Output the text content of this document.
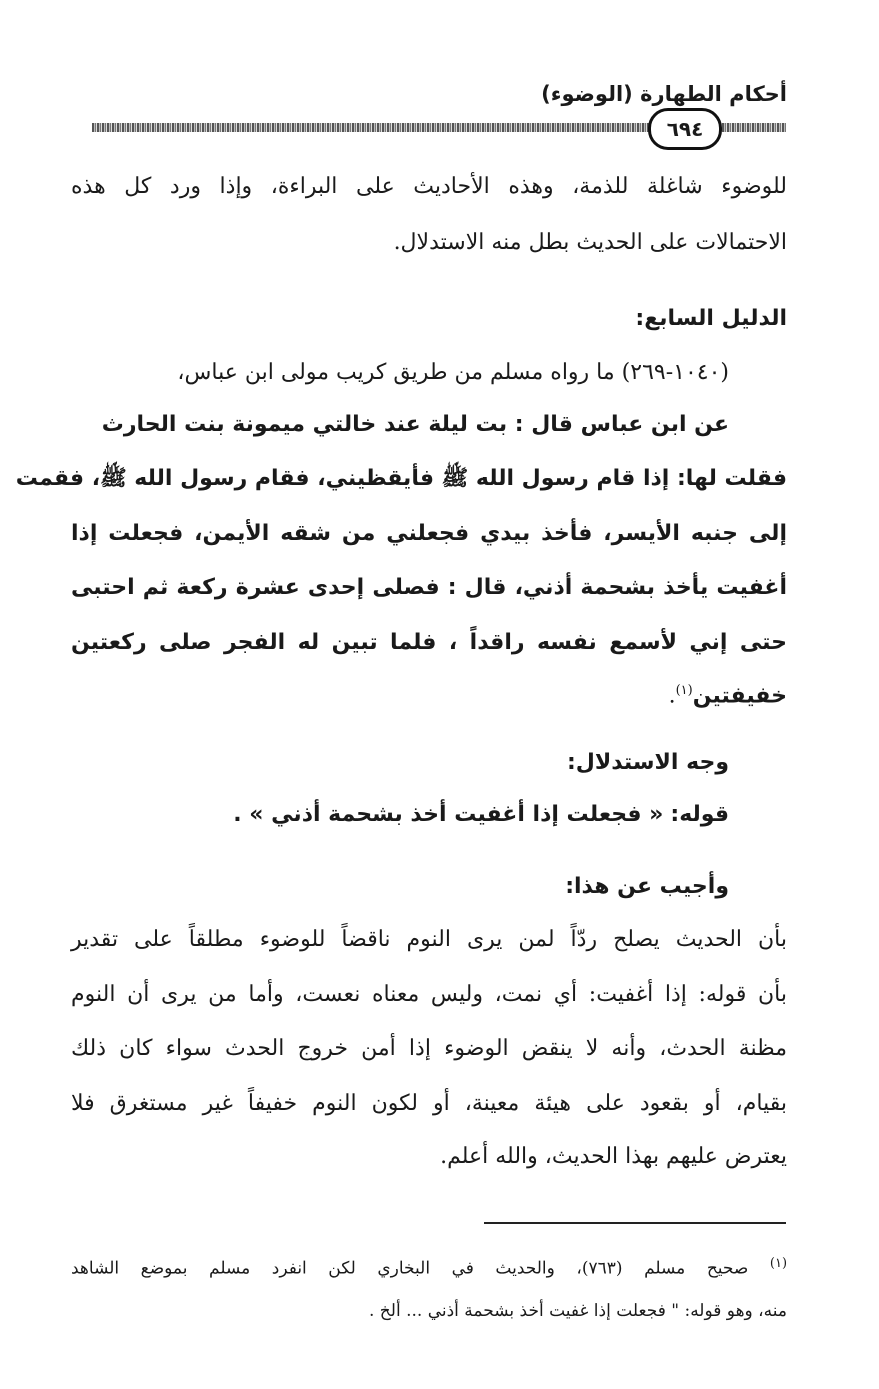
أحكام الطهارة (الوضوء)
٦٩٤
للوضوء شاغلة للذمة، وهذه الأحاديث على البراءة، وإذا ورد كل هذه
الاحتمالات على الحديث بطل منه الاستدلال.
الدليل السابع:
(١٠٤٠-٢٦٩) ما رواه مسلم من طريق كريب مولى ابن عباس،
عن ابن عباس قال : بت ليلة عند خالتي ميمونة بنت الحارث
فقلت لها: إذا قام رسول الله ﷺ فأيقظيني، فقام رسول الله ﷺ، فقمت
إلى جنبه الأيسر، فأخذ بيدي فجعلني من شقه الأيمن، فجعلت إذا
أغفيت يأخذ بشحمة أذني، قال : فصلى إحدى عشرة ركعة ثم احتبى
حتى إني لأسمع نفسه راقداً ، فلما تبين له الفجر صلى ركعتين
خفيفتين$^{(١)}$.
وجه الاستدلال:
قوله: « فجعلت إذا أغفيت أخذ بشحمة أذني » .
وأجيب عن هذا:
بأن الحديث يصلح ردّاً لمن يرى النوم ناقضاً للوضوء مطلقاً على تقدير
بأن قوله: إذا أغفيت: أي نمت، وليس معناه نعست، وأما من يرى أن النوم
مظنة الحدث، وأنه لا ينقض الوضوء إذا أمن خروج الحدث سواء كان ذلك
بقيام، أو بقعود على هيئة معينة، أو لكون النوم خفيفاً غير مستغرق فلا
يعترض عليهم بهذا الحديث، والله أعلم.
$^{(١)}$ صحيح مسلم (٧٦٣)، والحديث في البخاري لكن انفرد مسلم بموضع الشاهد
منه، وهو قوله: " فجعلت إذا غفيت أخذ بشحمة أذني ... ألخ .
